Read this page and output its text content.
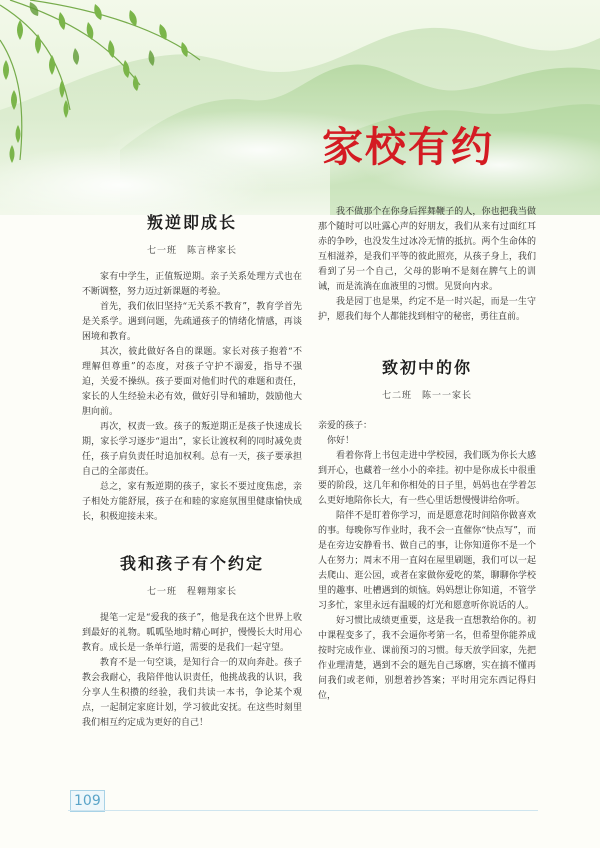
家校有约
叛逆即成长
七一班　陈言桦家长

家有中学生，正值叛逆期。亲子关系处理方式也在不断调整，努力迈过新课题的考验。

首先，我们依旧坚持“无关系不教育”，教育学首先是关系学。遇到问题，先疏通孩子的情绪化情感，再谈困境和教育。

其次，彼此做好各自的课题。家长对孩子抱着“不理解但尊重”的态度，对孩子守护不溺爱，指导不强迫，关爱不操纵。孩子要面对他们时代的难题和责任，家长的人生经验未必有效，做好引导和辅助，鼓励他大胆向前。

再次，权责一致。孩子的叛逆期正是孩子快速成长期，家长学习逐步“退出”，家长让渡权利的同时减免责任，孩子肩负责任时追加权利。总有一天，孩子要承担自己的全部责任。

总之，家有叛逆期的孩子，家长不要过度焦虑，亲子相处方能舒展，孩子在和睦的家庭氛围里健康愉快成长，积极迎接未来。

我和孩子有个约定
七一班　程翱翔家长

提笔一定是“爱我的孩子”，他是我在这个世界上收到最好的礼物。呱呱坠地时精心呵护，慢慢长大时用心教育。成长是一条单行道，需要的是我们一起守望。

教育不是一句空谈，是知行合一的双向奔赴。孩子教会我耐心，我陪伴他认识责任，他挑战我的认识，我分享人生积攒的经验，我们共读一本书，争论某个观点，一起制定家庭计划，学习彼此安抚。在这些时刻里我们相互约定成为更好的自己！

我不做那个在你身后挥舞鞭子的人，你也把我当做那个随时可以吐露心声的好朋友，我们从来有过面红耳赤的争吵，也没发生过冰冷无情的抵抗。两个生命体的互相滋养，是我们平等的彼此照亮，从孩子身上，我们看到了另一个自己，父母的影响不是刻在脾气上的训诫，而是流淌在血液里的习惯。见贤向内求。

我是园丁也是果，约定不是一时兴起，而是一生守护，愿我们每个人都能找到相守的秘密，勇往直前。

致初中的你
七二班　陈一一家长

亲爱的孩子：

你好！

看着你背上书包走进中学校园，我们既为你长大感到开心，也藏着一丝小小的牵挂。初中是你成长中很重要的阶段，这几年和你相处的日子里，妈妈也在学着怎么更好地陪你长大，有一些心里话想慢慢讲给你听。

陪伴不是盯着你学习，而是愿意花时间陪你做喜欢的事。每晚你写作业时，我不会一直催你“快点写”，而是在旁边安静看书、做自己的事，让你知道你不是一个人在努力；周末不用一直闷在屋里刷题，我们可以一起去爬山、逛公园，或者在家做你爱吃的菜，聊聊你学校里的趣事、吐槽遇到的烦恼。妈妈想让你知道，不管学习多忙，家里永远有温暖的灯光和愿意听你说话的人。

好习惯比成绩更重要，这是我一直想教给你的。初中课程变多了，我不会逼你考第一名，但希望你能养成按时完成作业、课前预习的习惯。每天放学回家，先把作业理清楚，遇到不会的题先自己琢磨，实在搞不懂再问我们或老师，别想着抄答案；平时用完东西记得归位，

109
